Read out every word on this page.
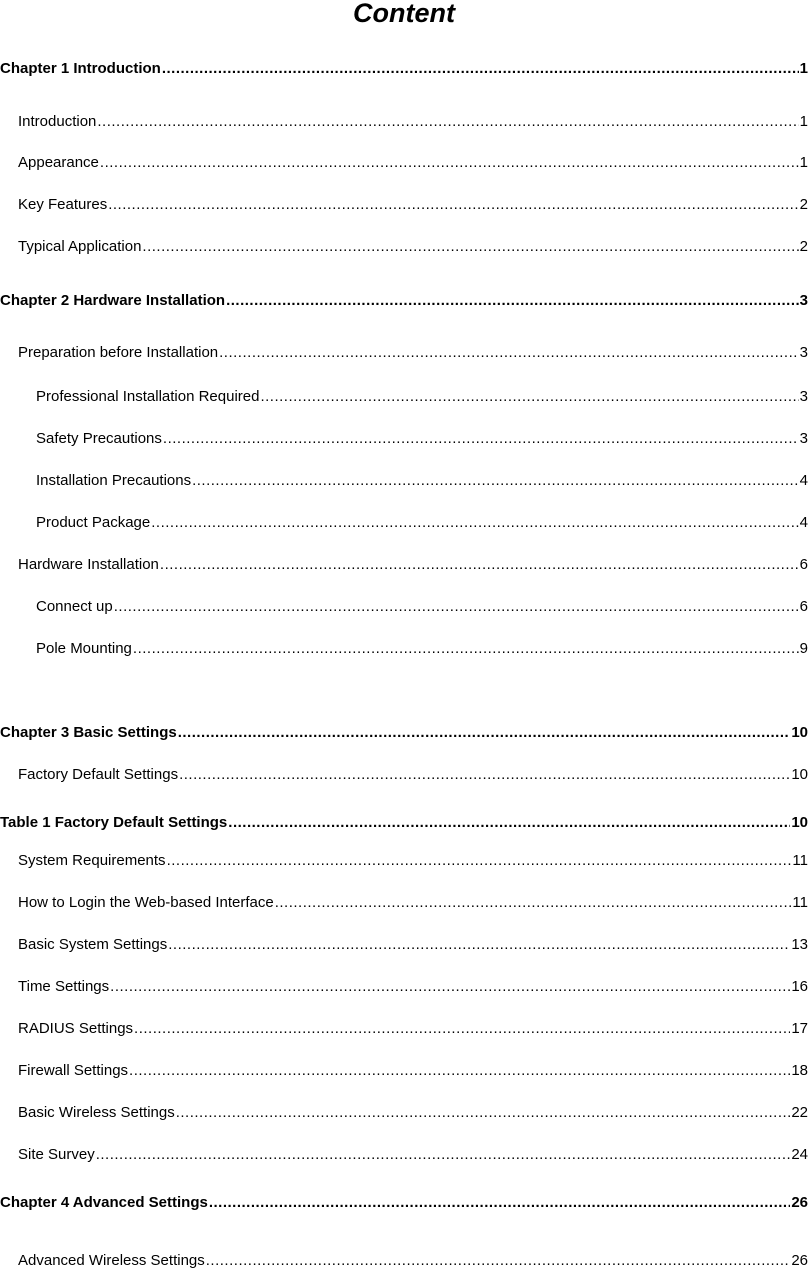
Content
Chapter 1 Introduction .....	1
Introduction .....	1
Appearance .....	1
Key Features .....	2
Typical Application .....	2
Chapter 2 Hardware Installation .....	3
Preparation before Installation .....	3
Professional Installation Required .....	3
Safety Precautions .....	3
Installation Precautions .....	4
Product Package .....	4
Hardware Installation .....	6
Connect up .....	6
Pole Mounting .....	9
Chapter 3 Basic Settings .....	10
Factory Default Settings .....	10
Table 1 Factory Default Settings .....	10
System Requirements .....	11
How to Login the Web-based Interface .....	11
Basic System Settings .....	13
Time Settings .....	16
RADIUS Settings .....	17
Firewall Settings .....	18
Basic Wireless Settings .....	22
Site Survey .....	24
Chapter 4 Advanced Settings .....	26
Advanced Wireless Settings .....	26
